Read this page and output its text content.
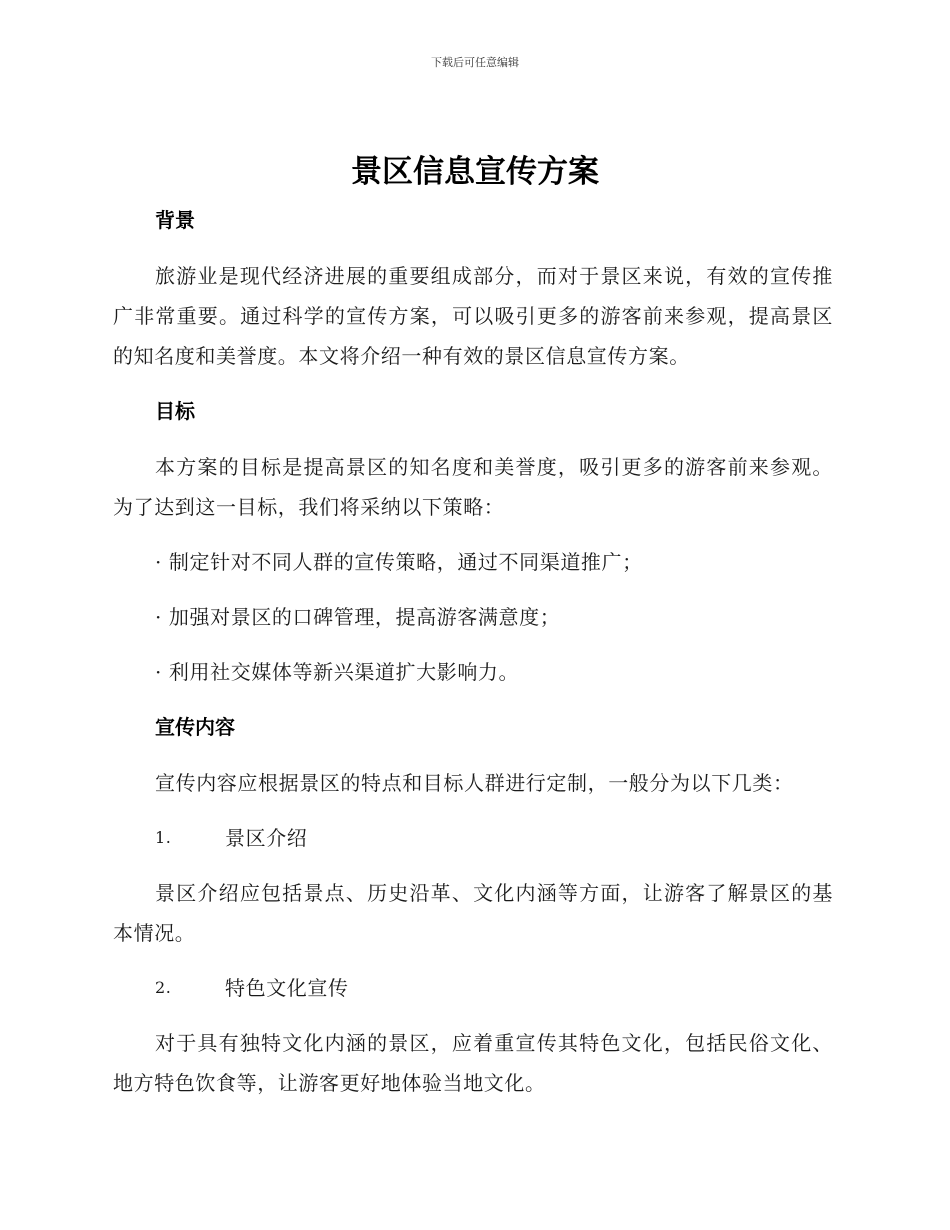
下载后可任意编辑
景区信息宣传方案
背景
旅游业是现代经济进展的重要组成部分，而对于景区来说，有效的宣传推广非常重要。通过科学的宣传方案，可以吸引更多的游客前来参观，提高景区的知名度和美誉度。本文将介绍一种有效的景区信息宣传方案。
目标
本方案的目标是提高景区的知名度和美誉度，吸引更多的游客前来参观。为了达到这一目标，我们将采纳以下策略：
· 制定针对不同人群的宣传策略，通过不同渠道推广；
· 加强对景区的口碑管理，提高游客满意度；
· 利用社交媒体等新兴渠道扩大影响力。
宣传内容
宣传内容应根据景区的特点和目标人群进行定制，一般分为以下几类：
1.	景区介绍
景区介绍应包括景点、历史沿革、文化内涵等方面，让游客了解景区的基本情况。
2.	特色文化宣传
对于具有独特文化内涵的景区，应着重宣传其特色文化，包括民俗文化、地方特色饮食等，让游客更好地体验当地文化。
